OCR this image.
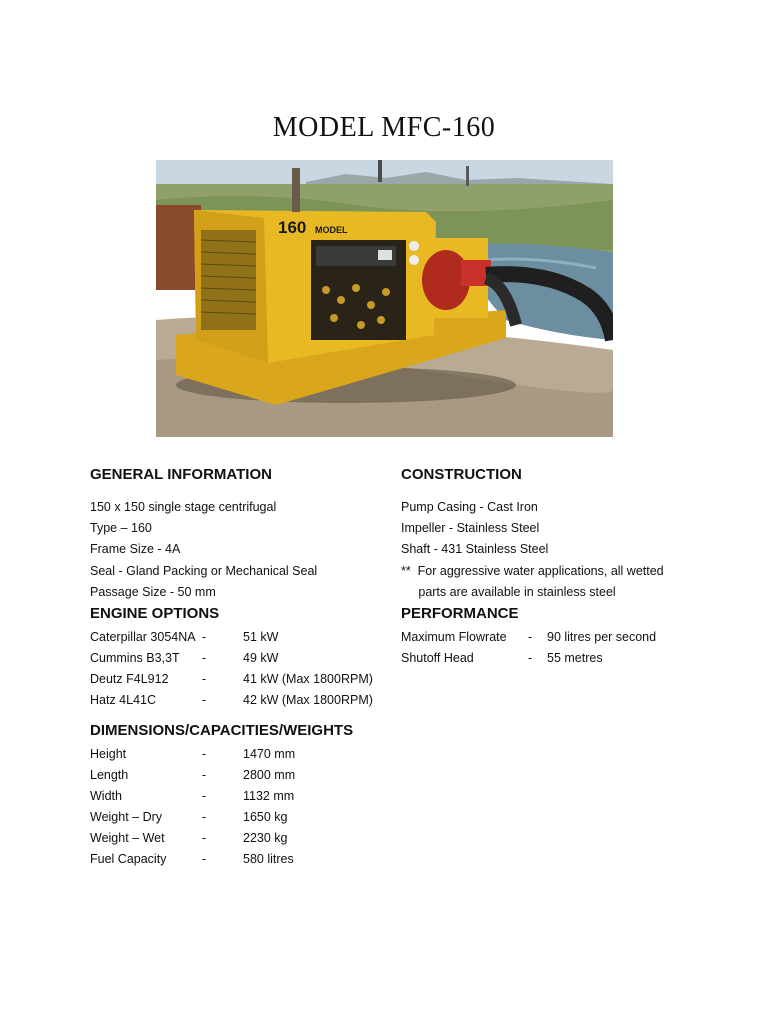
MODEL MFC-160
160 MODEL
GENERAL INFORMATION
150 x 150 single stage centrifugal
Type – 160
Frame Size - 4A
Seal - Gland Packing or Mechanical Seal
Passage Size - 50 mm
CONSTRUCTION
Pump Casing - Cast Iron
Impeller - Stainless Steel
Shaft - 431 Stainless Steel
**  For aggressive water applications, all wetted
parts are available in stainless steel
ENGINE OPTIONS
Caterpillar 3054NA -	51 kW
Cummins B3,3T -	49 kW
Deutz F4L912	-	41 kW (Max 1800RPM)
Hatz 4L41C	-	42 kW (Max 1800RPM)
PERFORMANCE
Maximum Flowrate - 90 litres per second
Shutoff Head	- 55 metres
DIMENSIONS/CAPACITIES/WEIGHTS
Height	-	1470 mm
Length	-	2800 mm
Width	-	1132 mm
Weight – Dry	-	1650 kg
Weight – Wet	-	2230 kg
Fuel Capacity	-	580 litres
